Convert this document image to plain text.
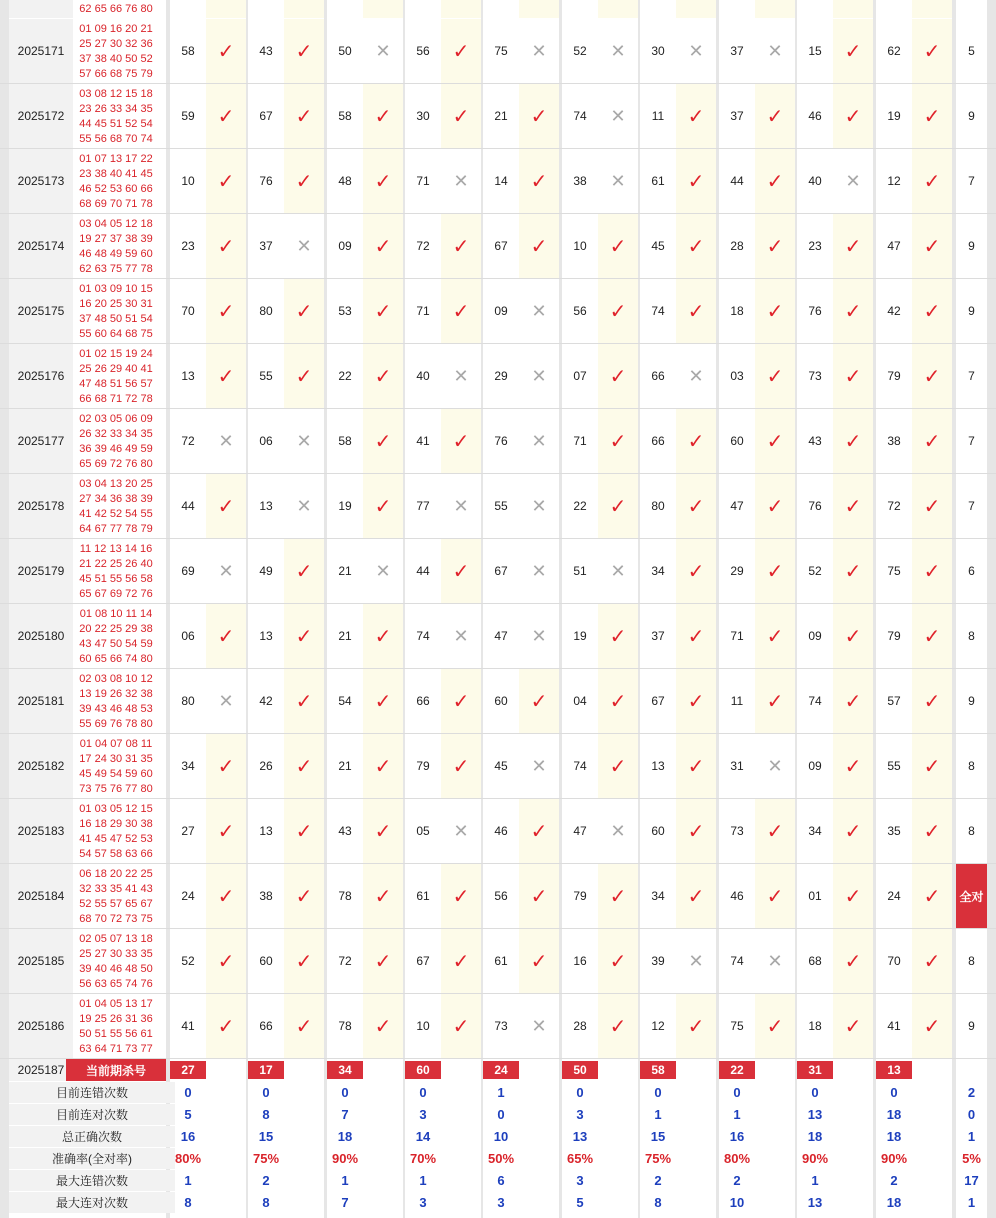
62 65 66 76 80
2025171
01 09 16 20 21
25 27 30 32 36
37 38 40 50 52
57 66 68 75 79
58	✓	43	✓	50	✕	56	✓	75	✕	52	✕	30	✕	37	✕	15	✓	62	✓	5
2025172
03 08 12 15 18
23 26 33 34 35
44 45 51 52 54
55 56 68 70 74
59	✓	67	✓	58	✓	30	✓	21	✓	74	✕	11	✓	37	✓	46	✓	19	✓	9
2025173
01 07 13 17 22
23 38 40 41 45
46 52 53 60 66
68 69 70 71 78
10	✓	76	✓	48	✓	71	✕	14	✓	38	✕	61	✓	44	✓	40	✕	12	✓	7
2025174
03 04 05 12 18
19 27 37 38 39
46 48 49 59 60
62 63 75 77 78
23	✓	37	✕	09	✓	72	✓	67	✓	10	✓	45	✓	28	✓	23	✓	47	✓	9
2025175
01 03 09 10 15
16 20 25 30 31
37 48 50 51 54
55 60 64 68 75
70	✓	80	✓	53	✓	71	✓	09	✕	56	✓	74	✓	18	✓	76	✓	42	✓	9
2025176
01 02 15 19 24
25 26 29 40 41
47 48 51 56 57
66 68 71 72 78
13	✓	55	✓	22	✓	40	✕	29	✕	07	✓	66	✕	03	✓	73	✓	79	✓	7
2025177
02 03 05 06 09
26 32 33 34 35
36 39 46 49 59
65 69 72 76 80
72	✕	06	✕	58	✓	41	✓	76	✕	71	✓	66	✓	60	✓	43	✓	38	✓	7
2025178
03 04 13 20 25
27 34 36 38 39
41 42 52 54 55
64 67 77 78 79
44	✓	13	✕	19	✓	77	✕	55	✕	22	✓	80	✓	47	✓	76	✓	72	✓	7
2025179
11 12 13 14 16
21 22 25 26 40
45 51 55 56 58
65 67 69 72 76
69	✕	49	✓	21	✕	44	✓	67	✕	51	✕	34	✓	29	✓	52	✓	75	✓	6
2025180
01 08 10 11 14
20 22 25 29 38
43 47 50 54 59
60 65 66 74 80
06	✓	13	✓	21	✓	74	✕	47	✕	19	✓	37	✓	71	✓	09	✓	79	✓	8
2025181
02 03 08 10 12
13 19 26 32 38
39 43 46 48 53
55 69 76 78 80
80	✕	42	✓	54	✓	66	✓	60	✓	04	✓	67	✓	11	✓	74	✓	57	✓	9
2025182
01 04 07 08 11
17 24 30 31 35
45 49 54 59 60
73 75 76 77 80
34	✓	26	✓	21	✓	79	✓	45	✕	74	✓	13	✓	31	✕	09	✓	55	✓	8
2025183
01 03 05 12 15
16 18 29 30 38
41 45 47 52 53
54 57 58 63 66
27	✓	13	✓	43	✓	05	✕	46	✓	47	✕	60	✓	73	✓	34	✓	35	✓	8
2025184
06 18 20 22 25
32 33 35 41 43
52 55 57 65 67
68 70 72 73 75
24	✓	38	✓	78	✓	61	✓	56	✓	79	✓	34	✓	46	✓	01	✓	24	✓	全对
2025185
02 05 07 13 18
25 27 30 33 35
39 40 46 48 50
56 63 65 74 76
52	✓	60	✓	72	✓	67	✓	61	✓	16	✓	39	✕	74	✕	68	✓	70	✓	8
2025186
01 04 05 13 17
19 25 26 31 36
50 51 55 56 61
63 64 71 73 77
41	✓	66	✓	78	✓	10	✓	73	✕	28	✓	12	✓	75	✓	18	✓	41	✓	9
2025187	当前期杀号	27	17	34	60	24	50	58	22	31	13
目前连错次数	0	0	0	0	1	0	0	0	0	0	2
目前连对次数	5	8	7	3	0	3	1	1	13	18	0
总正确次数	16	15	18	14	10	13	15	16	18	18	1
准确率(全对率)	80%	75%	90%	70%	50%	65%	75%	80%	90%	90%	5%
最大连错次数	1	2	1	1	6	3	2	2	1	2	17
最大连对次数	8	8	7	3	3	5	8	10	13	18	1
